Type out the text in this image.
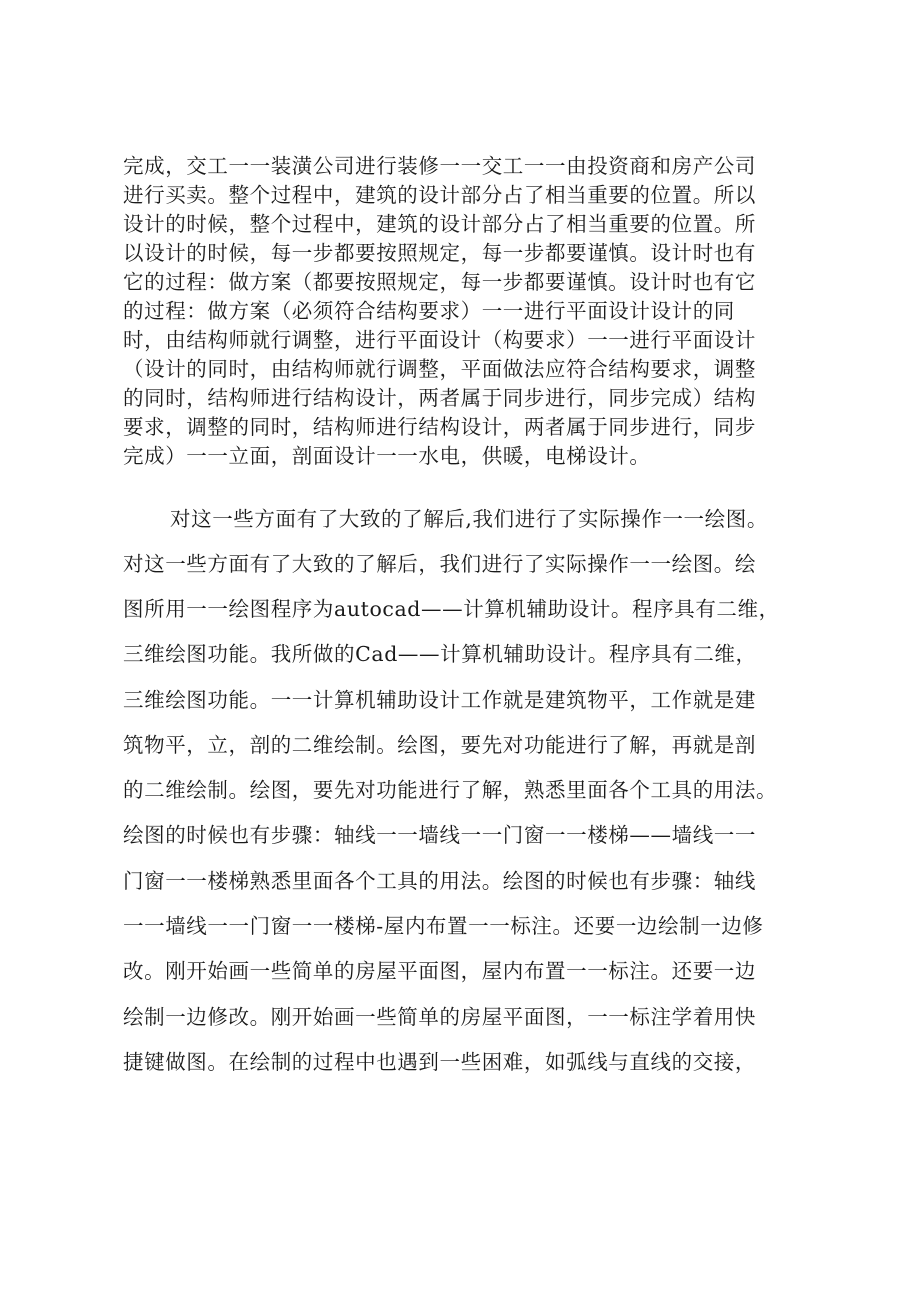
完成，交工一一装潢公司进行装修一一交工一一由投资商和房产公司
进行买卖。整个过程中，建筑的设计部分占了相当重要的位置。所以
设计的时候，整个过程中，建筑的设计部分占了相当重要的位置。所
以设计的时候，每一步都要按照规定，每一步都要谨慎。设计时也有
它的过程：做方案（都要按照规定，每一步都要谨慎。设计时也有它
的过程：做方案（必须符合结构要求）一一进行平面设计设计的同
时，由结构师就行调整，进行平面设计（构要求）一一进行平面设计
（设计的同时，由结构师就行调整，平面做法应符合结构要求，调整
的同时，结构师进行结构设计，两者属于同步进行，同步完成）结构
要求，调整的同时，结构师进行结构设计，两者属于同步进行，同步
完成）一一立面，剖面设计一一水电，供暖，电梯设计。
对这一些方面有了大致的了解后,我们进行了实际操作一一绘图。
对这一些方面有了大致的了解后，我们进行了实际操作一一绘图。绘
图所用一一绘图程序为autocad——计算机辅助设计。程序具有二维，
三维绘图功能。我所做的Cad——计算机辅助设计。程序具有二维，
三维绘图功能。一一计算机辅助设计工作就是建筑物平，工作就是建
筑物平，立，剖的二维绘制。绘图，要先对功能进行了解，再就是剖
的二维绘制。绘图，要先对功能进行了解，熟悉里面各个工具的用法。
绘图的时候也有步骤：轴线一一墙线一一门窗一一楼梯——墙线一一
门窗一一楼梯熟悉里面各个工具的用法。绘图的时候也有步骤：轴线
一一墙线一一门窗一一楼梯-屋内布置一一标注。还要一边绘制一边修
改。刚开始画一些简单的房屋平面图，屋内布置一一标注。还要一边
绘制一边修改。刚开始画一些简单的房屋平面图，一一标注学着用快
捷键做图。在绘制的过程中也遇到一些困难，如弧线与直线的交接，
